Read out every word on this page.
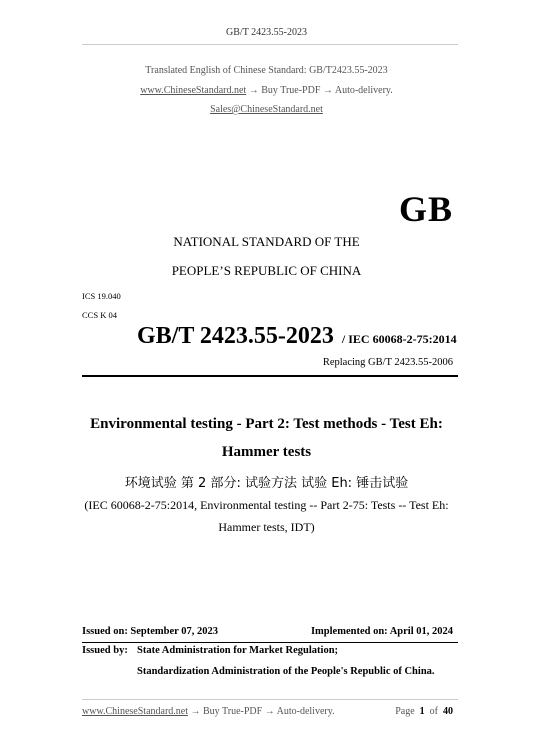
GB/T 2423.55-2023
Translated English of Chinese Standard: GB/T2423.55-2023
www.ChineseStandard.net → Buy True-PDF → Auto-delivery.
Sales@ChineseStandard.net
GB
NATIONAL STANDARD OF THE
PEOPLE’S REPUBLIC OF CHINA
ICS 19.040
CCS K 04
GB/T 2423.55-2023 / IEC 60068-2-75:2014
Replacing GB/T 2423.55-2006
Environmental testing - Part 2: Test methods - Test Eh:
Hammer tests
环境试验 第 2 部分: 试验方法 试验 Eh: 锤击试验
(IEC 60068-2-75:2014, Environmental testing -- Part 2-75: Tests -- Test Eh:
Hammer tests, IDT)
Issued on: September 07, 2023	Implemented on: April 01, 2024
Issued by: State Administration for Market Regulation;
Standardization Administration of the People's Republic of China.
www.ChineseStandard.net → Buy True-PDF → Auto-delivery.	Page 1 of 40
